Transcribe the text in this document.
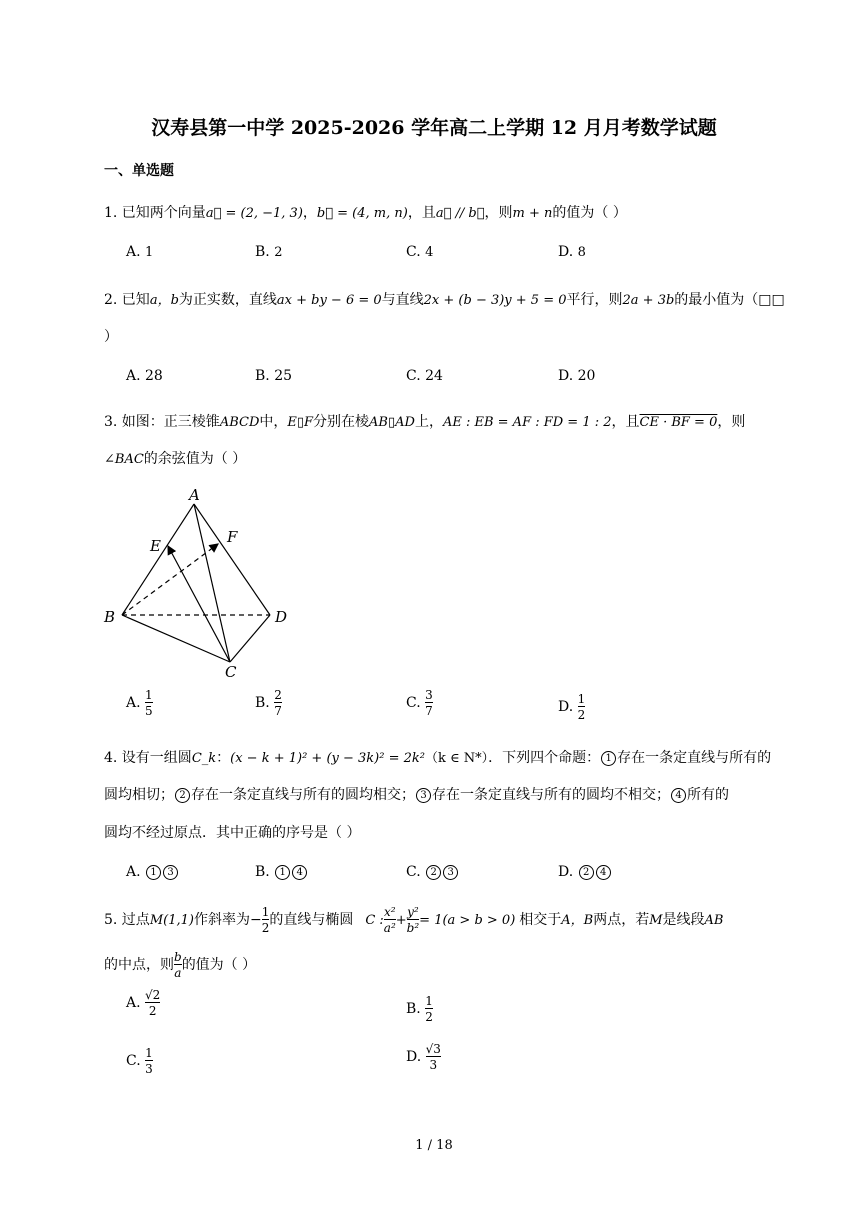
汉寿县第一中学 2025-2026 学年高二上学期 12 月月考数学试题
一、单选题
1. 已知两个向量a⃗ = (2, −1, 3)，b⃗ = (4, m, n)，且a⃗ // b⃗，则m + n的值为（ ）
A. 1	B. 2	C. 4	D. 8
2. 已知a，b为正实数，直线ax + by − 6 = 0与直线2x + (b − 3)y + 5 = 0平行，则2a + 3b的最小值为（□□
）
A. 28	B. 25	C. 24	D. 20
3. 如图：正三棱锥ABCD中，E▯F分别在棱AB▯AD上，AE : EB = AF : FD = 1 : 2，且CE · BF = 0，则
∠BAC的余弦值为（ ）
A
E	F
B	D
C
A. $\frac{1}{5}$	B. $\frac{2}{7}$	C. $\frac{3}{7}$	D. $\frac{1}{2}$
4. 设有一组圆C_k：(x − k + 1)² + (y − 3k)² = 2k²（k ∈ N*）．下列四个命题： 1 存在一条定直线与所有的
圆均相切； 2 存在一条定直线与所有的圆均相交； 3 存在一条定直线与所有的圆均不相交； 4 所有的
圆均不经过原点．其中正确的序号是（ ）
A. 1 3	B. 1 4	C. 2 3	D. 2 4
5. 过点M(1,1)作斜率为− $\frac{1}{2}$ 的直线与椭圆 C : $\frac{\text{x²}}{\text{a²}} + \frac{\text{y²}}{\text{b²}} = 1(a > b > 0)$ 相交于A，B两点，若M是线段AB
的中点，则 $\frac{b}{a}$ 的值为（ ）
A. $\frac{√2}{2}$	B. $\frac{1}{2}$
C. $\frac{1}{3}$	D. $\frac{√3}{3}$
1 / 18
